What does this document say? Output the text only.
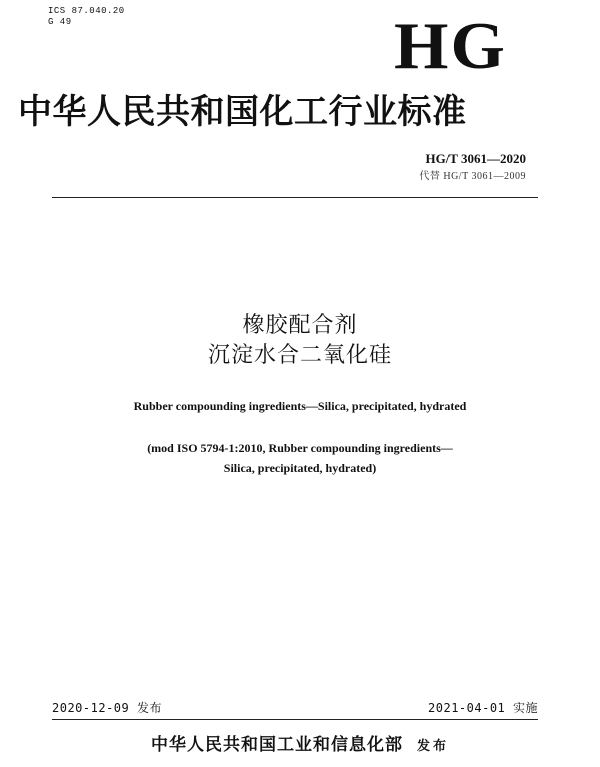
ICS 87.040.20
G 49	HG
中华人民共和国化工行业标准
HG/T 3061—2020
代替 HG/T 3061—2009
橡胶配合剂
沉淀水合二氧化硅
Rubber compounding ingredients—Silica, precipitated, hydrated
(mod ISO 5794-1:2010, Rubber compounding ingredients—
Silica, precipitated, hydrated)
2020-12-09 发布	2021-04-01 实施
中华人民共和国工业和信息化部 发布
